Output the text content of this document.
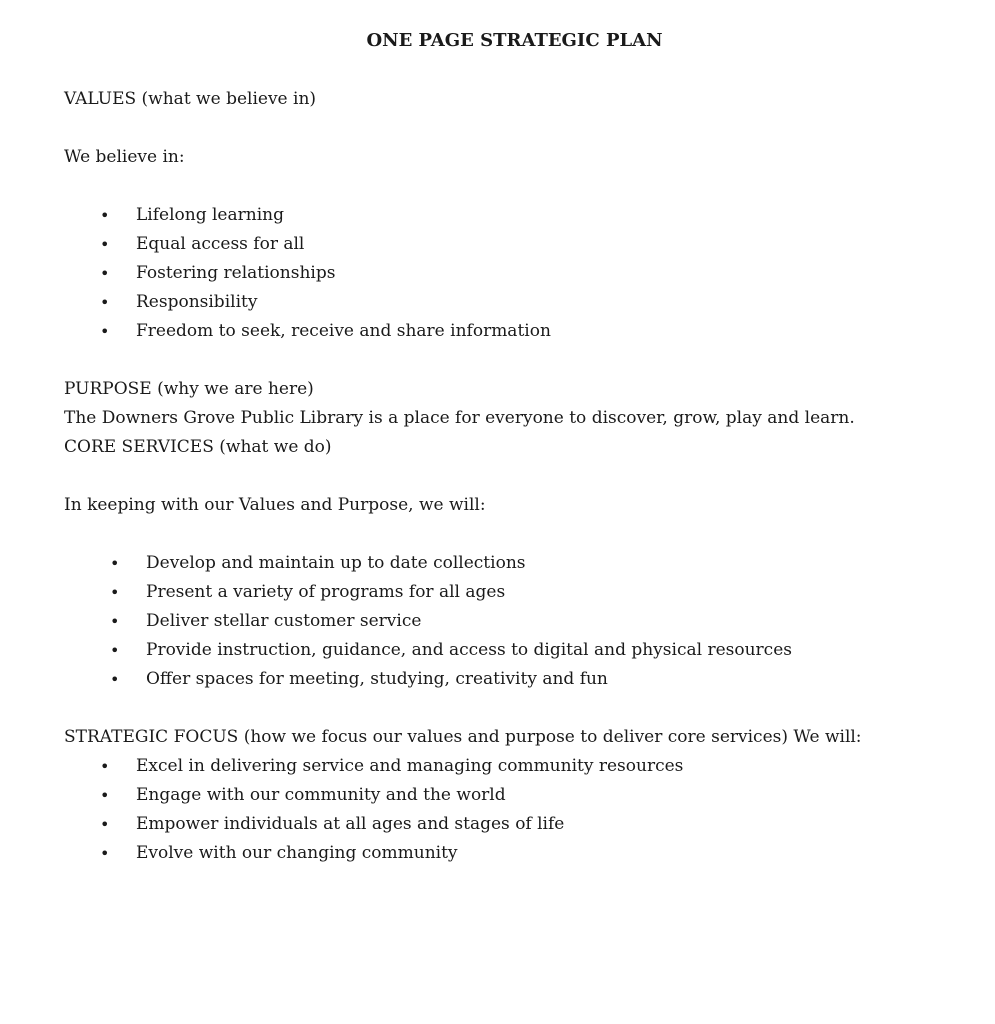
ONE PAGE STRATEGIC PLAN

VALUES (what we believe in)

We believe in:

• Lifelong learning
• Equal access for all
• Fostering relationships
• Responsibility
• Freedom to seek, receive and share information

PURPOSE (why we are here)

The Downers Grove Public Library is a place for everyone to discover, grow, play and learn.

CORE SERVICES (what we do)

In keeping with our Values and Purpose, we will:

• Develop and maintain up to date collections
• Present a variety of programs for all ages
• Deliver stellar customer service
• Provide instruction, guidance, and access to digital and physical resources
• Offer spaces for meeting, studying, creativity and fun

STRATEGIC FOCUS (how we focus our values and purpose to deliver core services) We will:

• Excel in delivering service and managing community resources
• Engage with our community and the world
• Empower individuals at all ages and stages of life
• Evolve with our changing community
